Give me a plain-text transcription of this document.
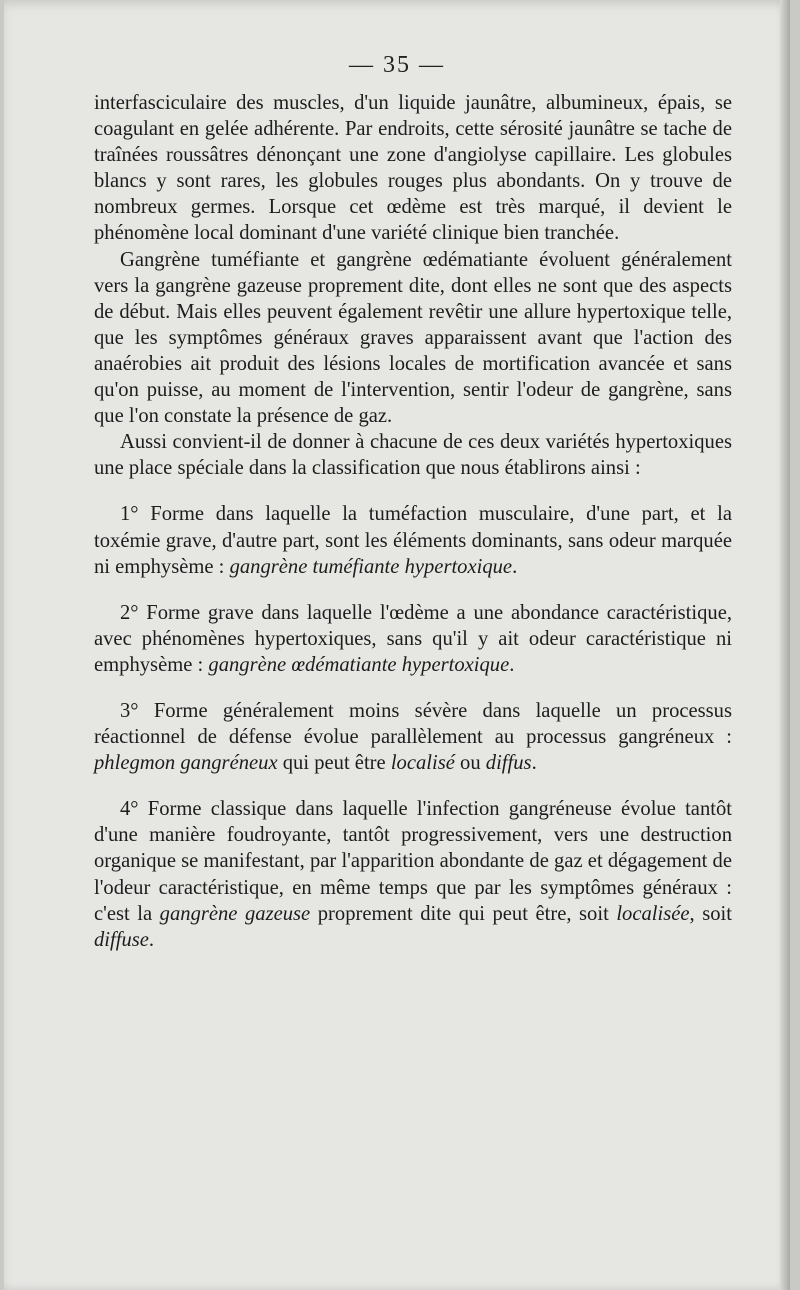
— 35 —

interfasciculaire des muscles, d'un liquide jaunâtre, albumineux, épais, se coagulant en gelée adhérente. Par endroits, cette sérosité jaunâtre se tache de traînées roussâtres dénonçant une zone d'angiolyse capillaire. Les globules blancs y sont rares, les globules rouges plus abondants. On y trouve de nombreux germes. Lorsque cet œdème est très marqué, il devient le phénomène local dominant d'une variété clinique bien tranchée.

Gangrène tuméfiante et gangrène œdématiante évoluent généralement vers la gangrène gazeuse proprement dite, dont elles ne sont que des aspects de début. Mais elles peuvent également revêtir une allure hypertoxique telle, que les symptômes généraux graves apparaissent avant que l'action des anaérobies ait produit des lésions locales de mortification avancée et sans qu'on puisse, au moment de l'intervention, sentir l'odeur de gangrène, sans que l'on constate la présence de gaz.

Aussi convient-il de donner à chacune de ces deux variétés hypertoxiques une place spéciale dans la classification que nous établirons ainsi :

1° Forme dans laquelle la tuméfaction musculaire, d'une part, et la toxémie grave, d'autre part, sont les éléments dominants, sans odeur marquée ni emphysème : gangrène tuméfiante hypertoxique.

2° Forme grave dans laquelle l'œdème a une abondance caractéristique, avec phénomènes hypertoxiques, sans qu'il y ait odeur caractéristique ni emphysème : gangrène œdématiante hypertoxique.

3° Forme généralement moins sévère dans laquelle un processus réactionnel de défense évolue parallèlement au processus gangréneux : phlegmon gangréneux qui peut être localisé ou diffus.

4° Forme classique dans laquelle l'infection gangréneuse évolue tantôt d'une manière foudroyante, tantôt progressivement, vers une destruction organique se manifestant, par l'apparition abondante de gaz et dégagement de l'odeur caractéristique, en même temps que par les symptômes généraux : c'est la gangrène gazeuse proprement dite qui peut être, soit localisée, soit diffuse.
